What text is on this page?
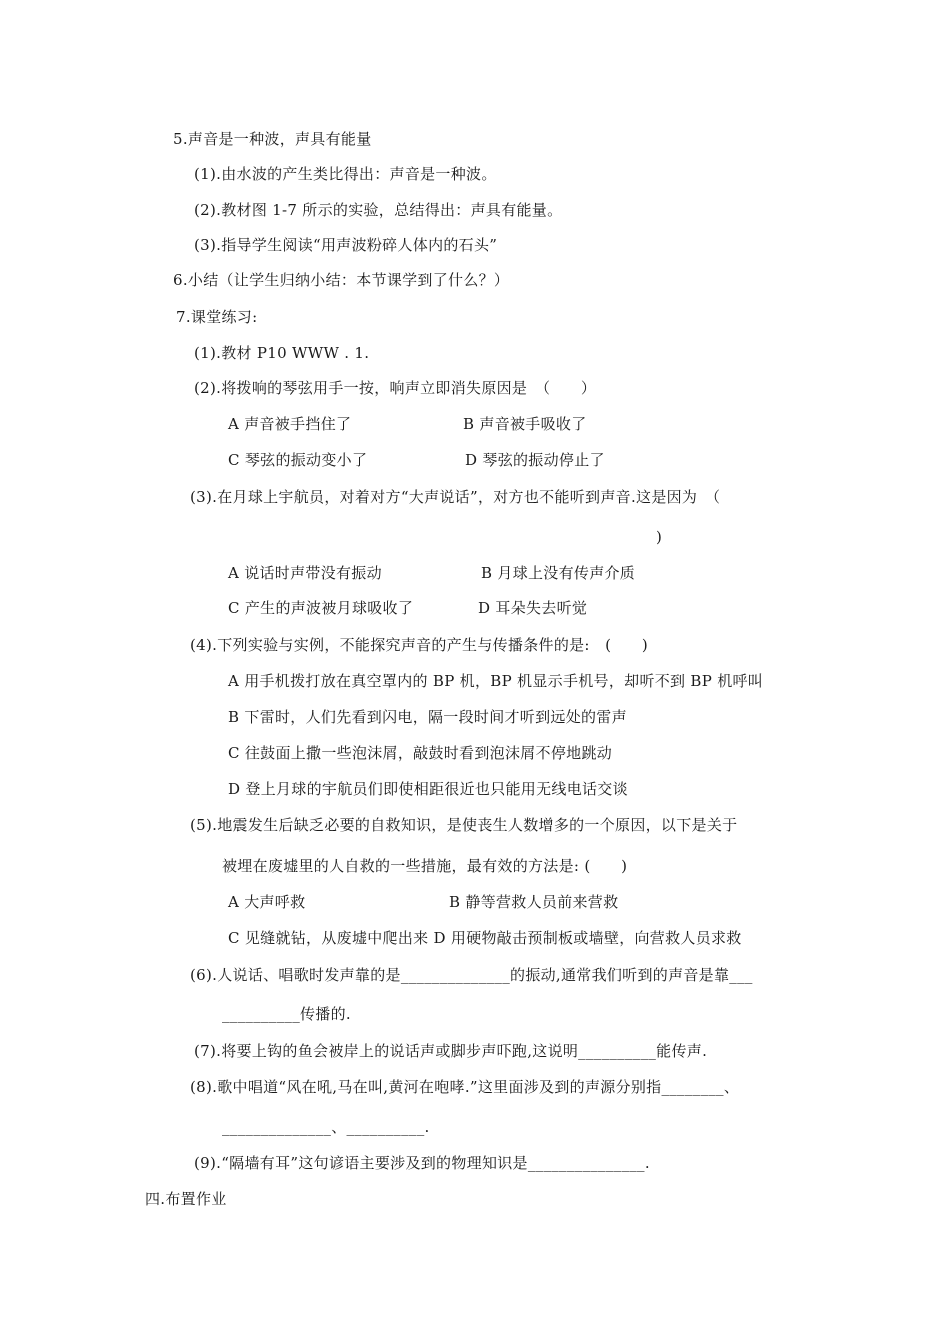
5.声音是一种波，声具有能量
(1).由水波的产生类比得出：声音是一种波。
(2).教材图 1-7 所示的实验，总结得出：声具有能量。
(3).指导学生阅读“用声波粉碎人体内的石头”
6.小结（让学生归纳小结：本节课学到了什么？）
7.课堂练习:
(1).教材 P10 WWW . 1.
(2).将拨响的琴弦用手一按，响声立即消失原因是　（　　）
A 声音被手挡住了	B 声音被手吸收了
C 琴弦的振动变小了	D 琴弦的振动停止了
(3).在月球上宇航员，对着对方“大声说话”，对方也不能听到声音.这是因为　（
)
A 说话时声带没有振动	B 月球上没有传声介质
C 产生的声波被月球吸收了	D 耳朵失去听觉
(4).下列实验与实例，不能探究声音的产生与传播条件的是:　(　　)
A 用手机拨打放在真空罩内的 BP 机，BP 机显示手机号，却听不到 BP 机呼叫
B 下雷时，人们先看到闪电，隔一段时间才听到远处的雷声
C 往鼓面上撒一些泡沫屑，敲鼓时看到泡沫屑不停地跳动
D 登上月球的宇航员们即使相距很近也只能用无线电话交谈
(5).地震发生后缺乏必要的自救知识，是使丧生人数增多的一个原因，以下是关于
被埋在废墟里的人自救的一些措施，最有效的方法是: (　　)
A 大声呼救	B 静等营救人员前来营救
C 见缝就钻，从废墟中爬出来 D 用硬物敲击预制板或墙壁，向营救人员求救
(6).人说话、唱歌时发声靠的是______________的振动,通常我们听到的声音是靠___
__________传播的.
(7).将要上钩的鱼会被岸上的说话声或脚步声吓跑,这说明__________能传声.
(8).歌中唱道“风在吼,马在叫,黄河在咆哮.”这里面涉及到的声源分别指________、
______________、__________.
(9).“隔墙有耳”这句谚语主要涉及到的物理知识是_______________.
四.布置作业
